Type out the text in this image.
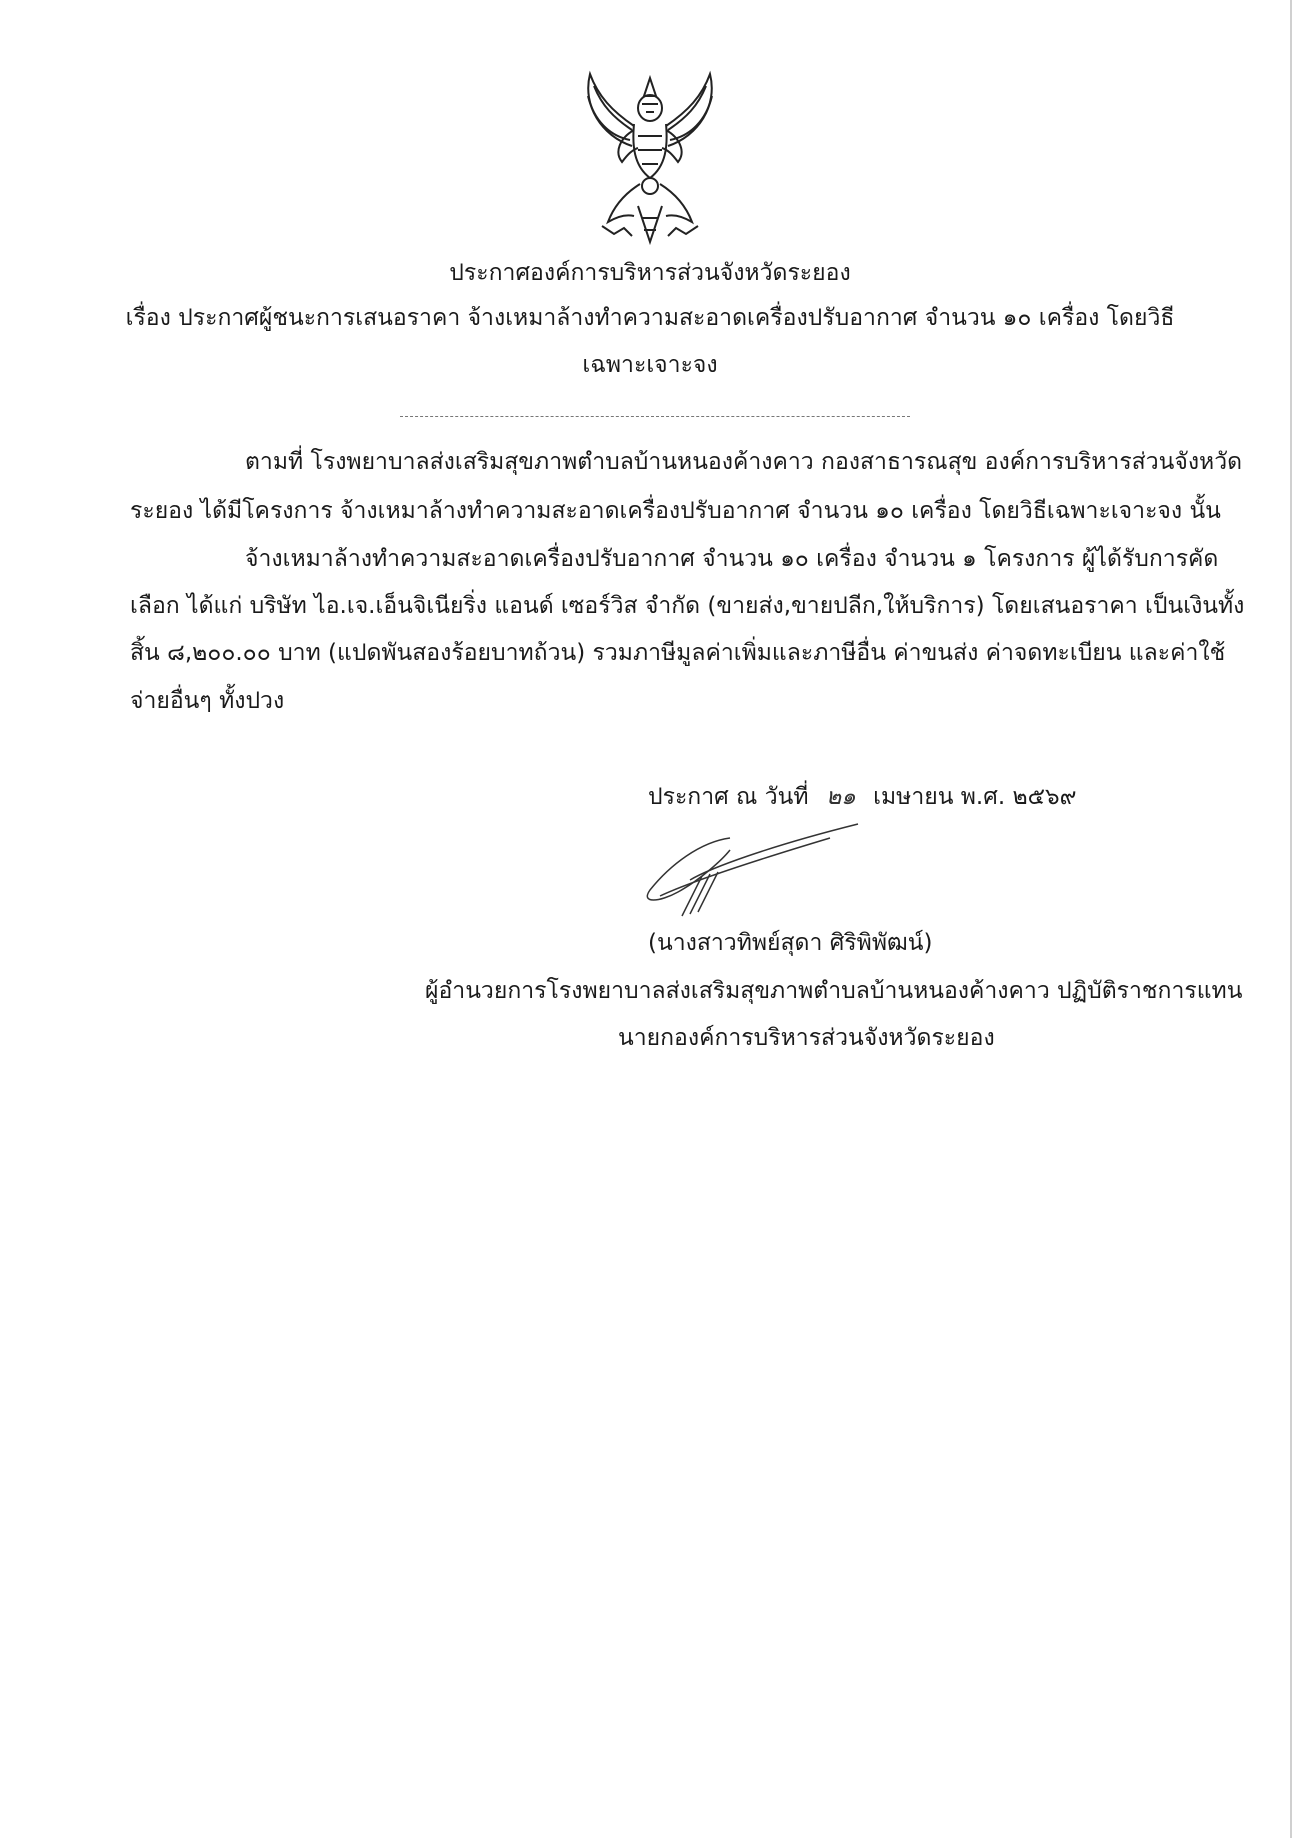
ประกาศองค์การบริหารส่วนจังหวัดระยอง
เรื่อง ประกาศผู้ชนะการเสนอราคา จ้างเหมาล้างทำความสะอาดเครื่องปรับอากาศ จำนวน ๑๐ เครื่อง โดยวิธี
เฉพาะเจาะจง
ตามที่ โรงพยาบาลส่งเสริมสุขภาพตำบลบ้านหนองค้างคาว กองสาธารณสุข องค์การบริหารส่วนจังหวัด
ระยอง ได้มีโครงการ จ้างเหมาล้างทำความสะอาดเครื่องปรับอากาศ จำนวน ๑๐ เครื่อง โดยวิธีเฉพาะเจาะจง นั้น
จ้างเหมาล้างทำความสะอาดเครื่องปรับอากาศ จำนวน ๑๐ เครื่อง จำนวน ๑ โครงการ ผู้ได้รับการคัด
เลือก ได้แก่ บริษัท ไอ.เจ.เอ็นจิเนียริ่ง แอนด์ เซอร์วิส จำกัด (ขายส่ง,ขายปลีก,ให้บริการ) โดยเสนอราคา เป็นเงินทั้ง
สิ้น ๘,๒๐๐.๐๐ บาท (แปดพันสองร้อยบาทถ้วน) รวมภาษีมูลค่าเพิ่มและภาษีอื่น ค่าขนส่ง ค่าจดทะเบียน และค่าใช้
จ่ายอื่นๆ ทั้งปวง
ประกาศ ณ วันที่ ๒๑ เมษายน พ.ศ. ๒๕๖๙
(นางสาวทิพย์สุดา ศิริพิพัฒน์)
ผู้อำนวยการโรงพยาบาลส่งเสริมสุขภาพตำบลบ้านหนองค้างคาว ปฏิบัติราชการแทน
นายกองค์การบริหารส่วนจังหวัดระยอง
